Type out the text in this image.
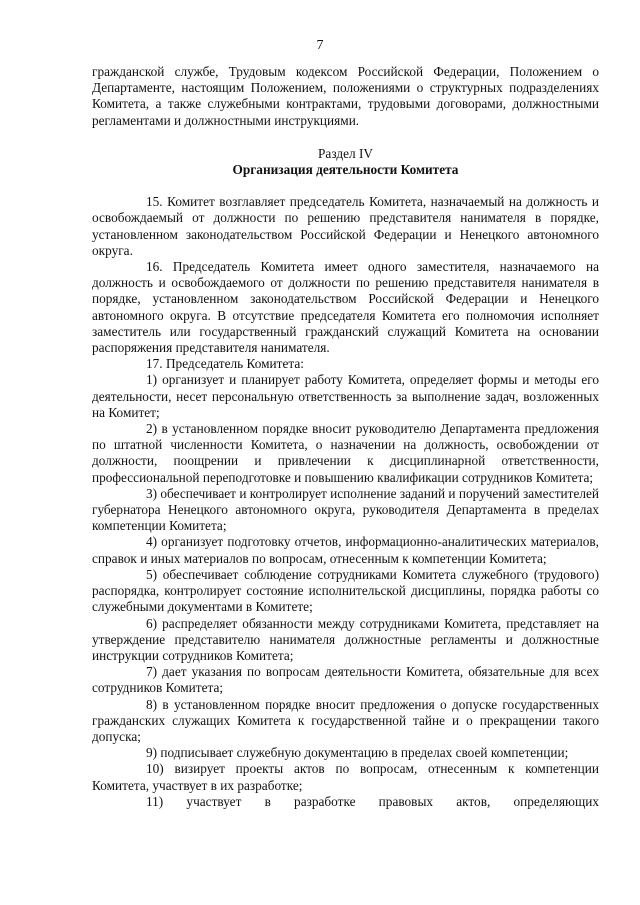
7

гражданской службе, Трудовым кодексом Российской Федерации, Положением о Департаменте, настоящим Положением, положениями о структурных подразделениях Комитета, а также служебными контрактами, трудовыми договорами, должностными регламентами и должностными инструкциями.

Раздел IV

Организация деятельности Комитета

15. Комитет возглавляет председатель Комитета, назначаемый на должность и освобождаемый от должности по решению представителя нанимателя в порядке, установленном законодательством Российской Федерации и Ненецкого автономного округа.

16. Председатель Комитета имеет одного заместителя, назначаемого на должность и освобождаемого от должности по решению представителя нанимателя в порядке, установленном законодательством Российской Федерации и Ненецкого автономного округа. В отсутствие председателя Комитета его полномочия исполняет заместитель или государственный гражданский служащий Комитета на основании распоряжения представителя нанимателя.

17. Председатель Комитета:

1) организует и планирует работу Комитета, определяет формы и методы его деятельности, несет персональную ответственность за выполнение задач, возложенных на Комитет;

2) в установленном порядке вносит руководителю Департамента предложения по штатной численности Комитета, о назначении на должность, освобождении от должности, поощрении и привлечении к дисциплинарной ответственности, профессиональной переподготовке и повышению квалификации сотрудников Комитета;

3) обеспечивает и контролирует исполнение заданий и поручений заместителей губернатора Ненецкого автономного округа, руководителя Департамента в пределах компетенции Комитета;

4) организует подготовку отчетов, информационно-аналитических материалов, справок и иных материалов по вопросам, отнесенным к компетенции Комитета;

5) обеспечивает соблюдение сотрудниками Комитета служебного (трудового) распорядка, контролирует состояние исполнительской дисциплины, порядка работы со служебными документами в Комитете;

6) распределяет обязанности между сотрудниками Комитета, представляет на утверждение представителю нанимателя должностные регламенты и должностные инструкции сотрудников Комитета;

7) дает указания по вопросам деятельности Комитета, обязательные для всех сотрудников Комитета;

8) в установленном порядке вносит предложения о допуске государственных гражданских служащих Комитета к государственной тайне и о прекращении такого допуска;

9) подписывает служебную документацию в пределах своей компетенции;

10) визирует проекты актов по вопросам, отнесенным к компетенции Комитета, участвует в их разработке;

11) участвует в разработке правовых актов, определяющих
